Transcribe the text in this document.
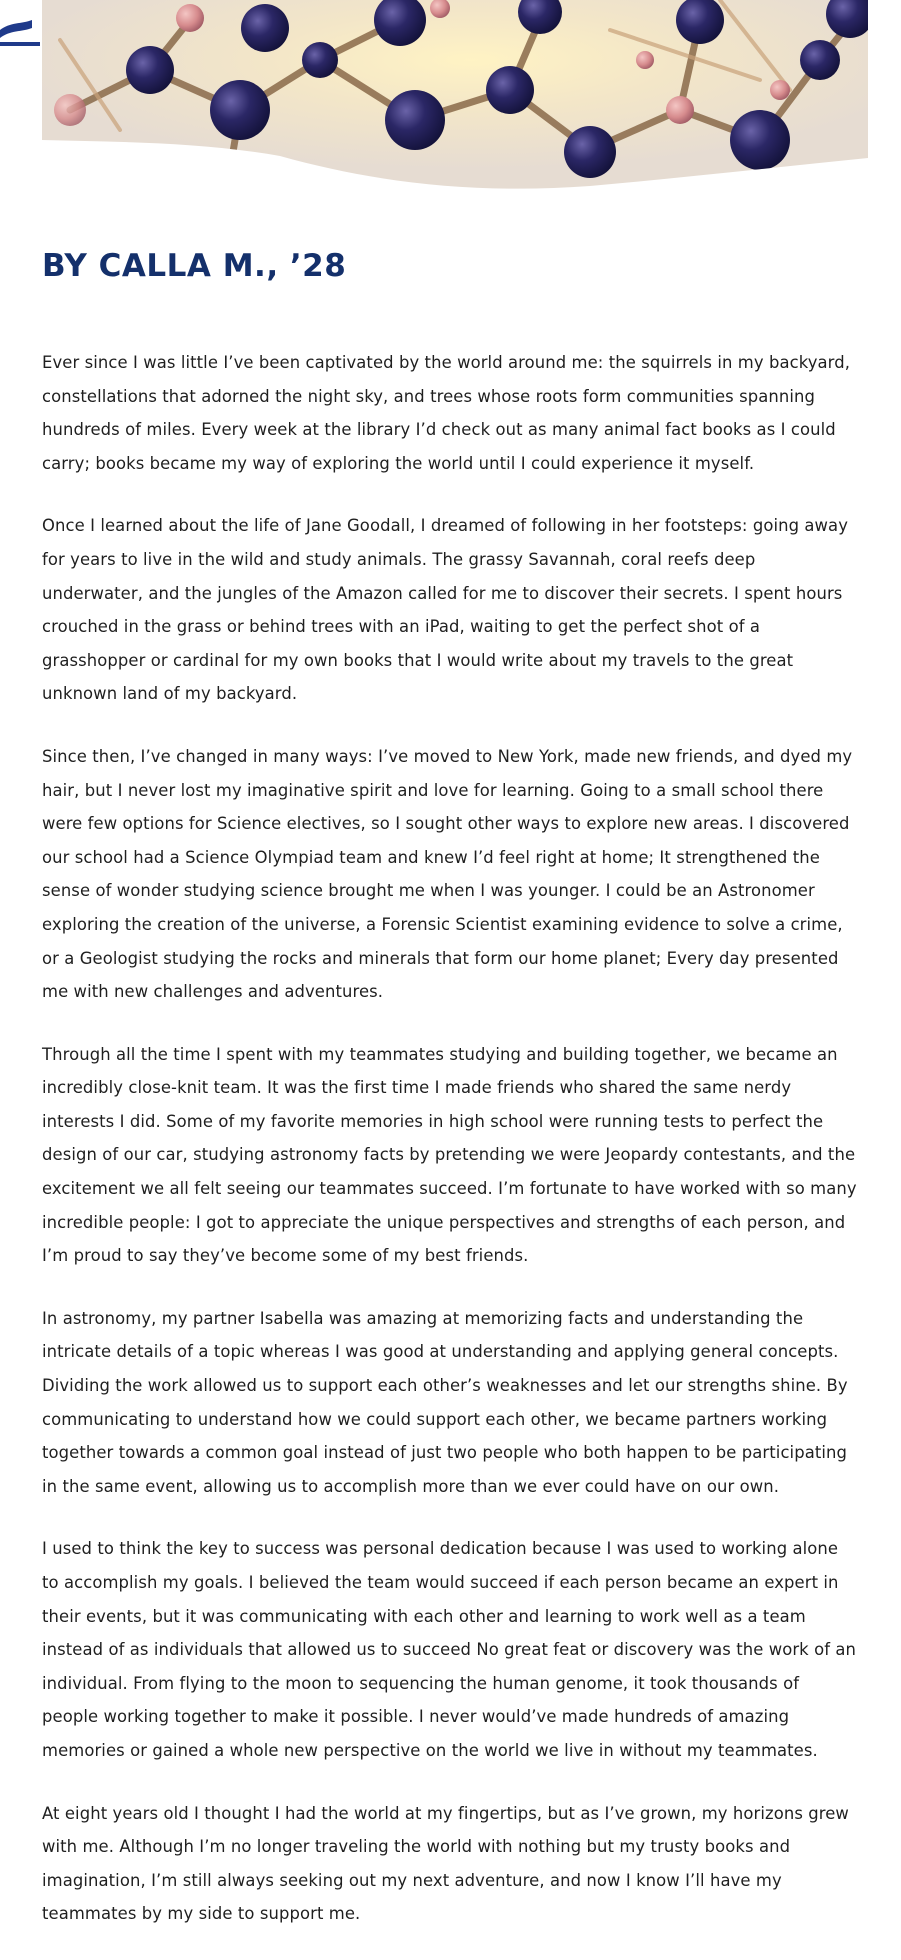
BY CALLA M., ’28

Ever since I was little I’ve been captivated by the world around me: the squirrels in my backyard, constellations that adorned the night sky, and trees whose roots form communities spanning hundreds of miles. Every week at the library I’d check out as many animal fact books as I could carry; books became my way of exploring the world until I could experience it myself.

Once I learned about the life of Jane Goodall, I dreamed of following in her footsteps: going away for years to live in the wild and study animals. The grassy Savannah, coral reefs deep underwater, and the jungles of the Amazon called for me to discover their secrets. I spent hours crouched in the grass or behind trees with an iPad, waiting to get the perfect shot of a grasshopper or cardinal for my own books that I would write about my travels to the great unknown land of my backyard.

Since then, I’ve changed in many ways: I’ve moved to New York, made new friends, and dyed my hair, but I never lost my imaginative spirit and love for learning. Going to a small school there were few options for Science electives, so I sought other ways to explore new areas. I discovered our school had a Science Olympiad team and knew I’d feel right at home; It strengthened the sense of wonder studying science brought me when I was younger. I could be an Astronomer exploring the creation of the universe, a Forensic Scientist examining evidence to solve a crime, or a Geologist studying the rocks and minerals that form our home planet; Every day presented me with new challenges and adventures.

Through all the time I spent with my teammates studying and building together, we became an incredibly close-knit team. It was the first time I made friends who shared the same nerdy interests I did. Some of my favorite memories in high school were running tests to perfect the design of our car, studying astronomy facts by pretending we were Jeopardy contestants, and the excitement we all felt seeing our teammates succeed. I’m fortunate to have worked with so many incredible people: I got to appreciate the unique perspectives and strengths of each person, and I’m proud to say they’ve become some of my best friends.

In astronomy, my partner Isabella was amazing at memorizing facts and understanding the intricate details of a topic whereas I was good at understanding and applying general concepts. Dividing the work allowed us to support each other’s weaknesses and let our strengths shine. By communicating to understand how we could support each other, we became partners working together towards a common goal instead of just two people who both happen to be participating in the same event, allowing us to accomplish more than we ever could have on our own.

I used to think the key to success was personal dedication because I was used to working alone to accomplish my goals. I believed the team would succeed if each person became an expert in their events, but it was communicating with each other and learning to work well as a team instead of as individuals that allowed us to succeed No great feat or discovery was the work of an individual. From flying to the moon to sequencing the human genome, it took thousands of people working together to make it possible. I never would’ve made hundreds of amazing memories or gained a whole new perspective on the world we live in without my teammates.

At eight years old I thought I had the world at my fingertips, but as I’ve grown, my horizons grew with me. Although I’m no longer traveling the world with nothing but my trusty books and imagination, I’m still always seeking out my next adventure, and now I know I’ll have my teammates by my side to support me.
